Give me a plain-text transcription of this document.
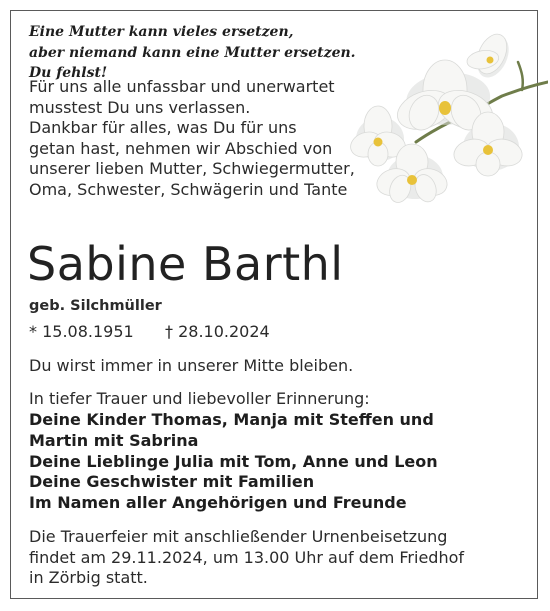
Eine Mutter kann vieles ersetzen,
aber niemand kann eine Mutter ersetzen.
Du fehlst!
Für uns alle unfassbar und unerwartet
musstest Du uns verlassen.
Dankbar für alles, was Du für uns
getan hast, nehmen wir Abschied von
unserer lieben Mutter, Schwiegermutter,
Oma, Schwester, Schwägerin und Tante
Sabine Barthl

geb. Silchmüller

* 15.08.1951 † 28.10.2024

Du wirst immer in unserer Mitte bleiben.

In tiefer Trauer und liebevoller Erinnerung:

Deine Kinder Thomas, Manja mit Steffen und
Martin mit Sabrina
Deine Lieblinge Julia mit Tom, Anne und Leon
Deine Geschwister mit Familien
Im Namen aller Angehörigen und Freunde
Die Trauerfeier mit anschließender Urnenbeisetzung
findet am 29.11.2024, um 13.00 Uhr auf dem Friedhof
in Zörbig statt.
